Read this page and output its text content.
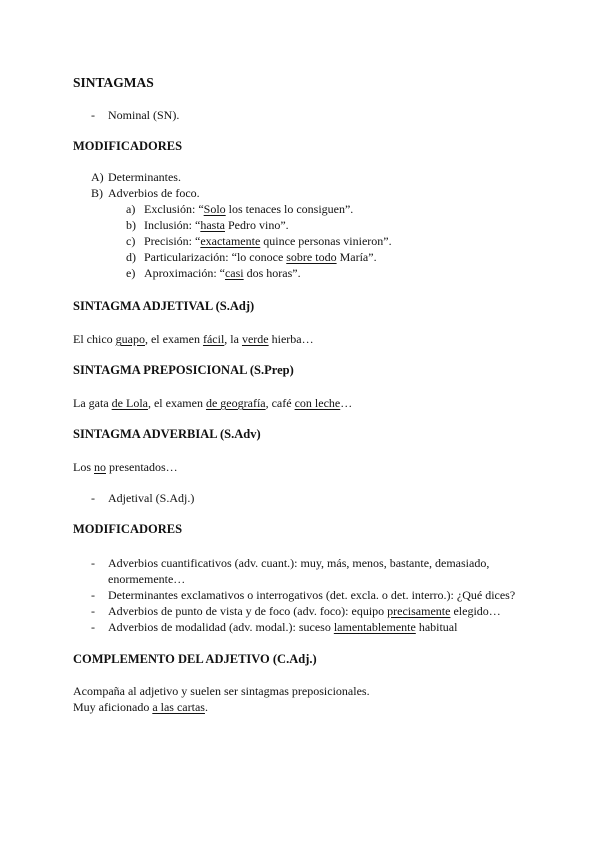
SINTAGMAS
- Nominal (SN).
MODIFICADORES
A) Determinantes.
B) Adverbios de foco.
a) Exclusión: “Solo los tenaces lo consiguen”.
b) Inclusión: “hasta Pedro vino”.
c) Precisión: “exactamente quince personas vinieron”.
d) Particularización: “lo conoce sobre todo María”.
e) Aproximación: “casi dos horas”.
SINTAGMA ADJETIVAL (S.Adj)
El chico guapo, el examen fácil, la verde hierba…
SINTAGMA PREPOSICIONAL (S.Prep)
La gata de Lola, el examen de geografía, café con leche…
SINTAGMA ADVERBIAL (S.Adv)
Los no presentados…
- Adjetival (S.Adj.)
MODIFICADORES
- Adverbios cuantificativos (adv. cuant.): muy, más, menos, bastante, demasiado,
enormemente…
- Determinantes exclamativos o interrogativos (det. excla. o det. interro.): ¿Qué dices?
- Adverbios de punto de vista y de foco (adv. foco): equipo precisamente elegido…
- Adverbios de modalidad (adv. modal.): suceso lamentablemente habitual
COMPLEMENTO DEL ADJETIVO (C.Adj.)
Acompaña al adjetivo y suelen ser sintagmas preposicionales.
Muy aficionado a las cartas.
